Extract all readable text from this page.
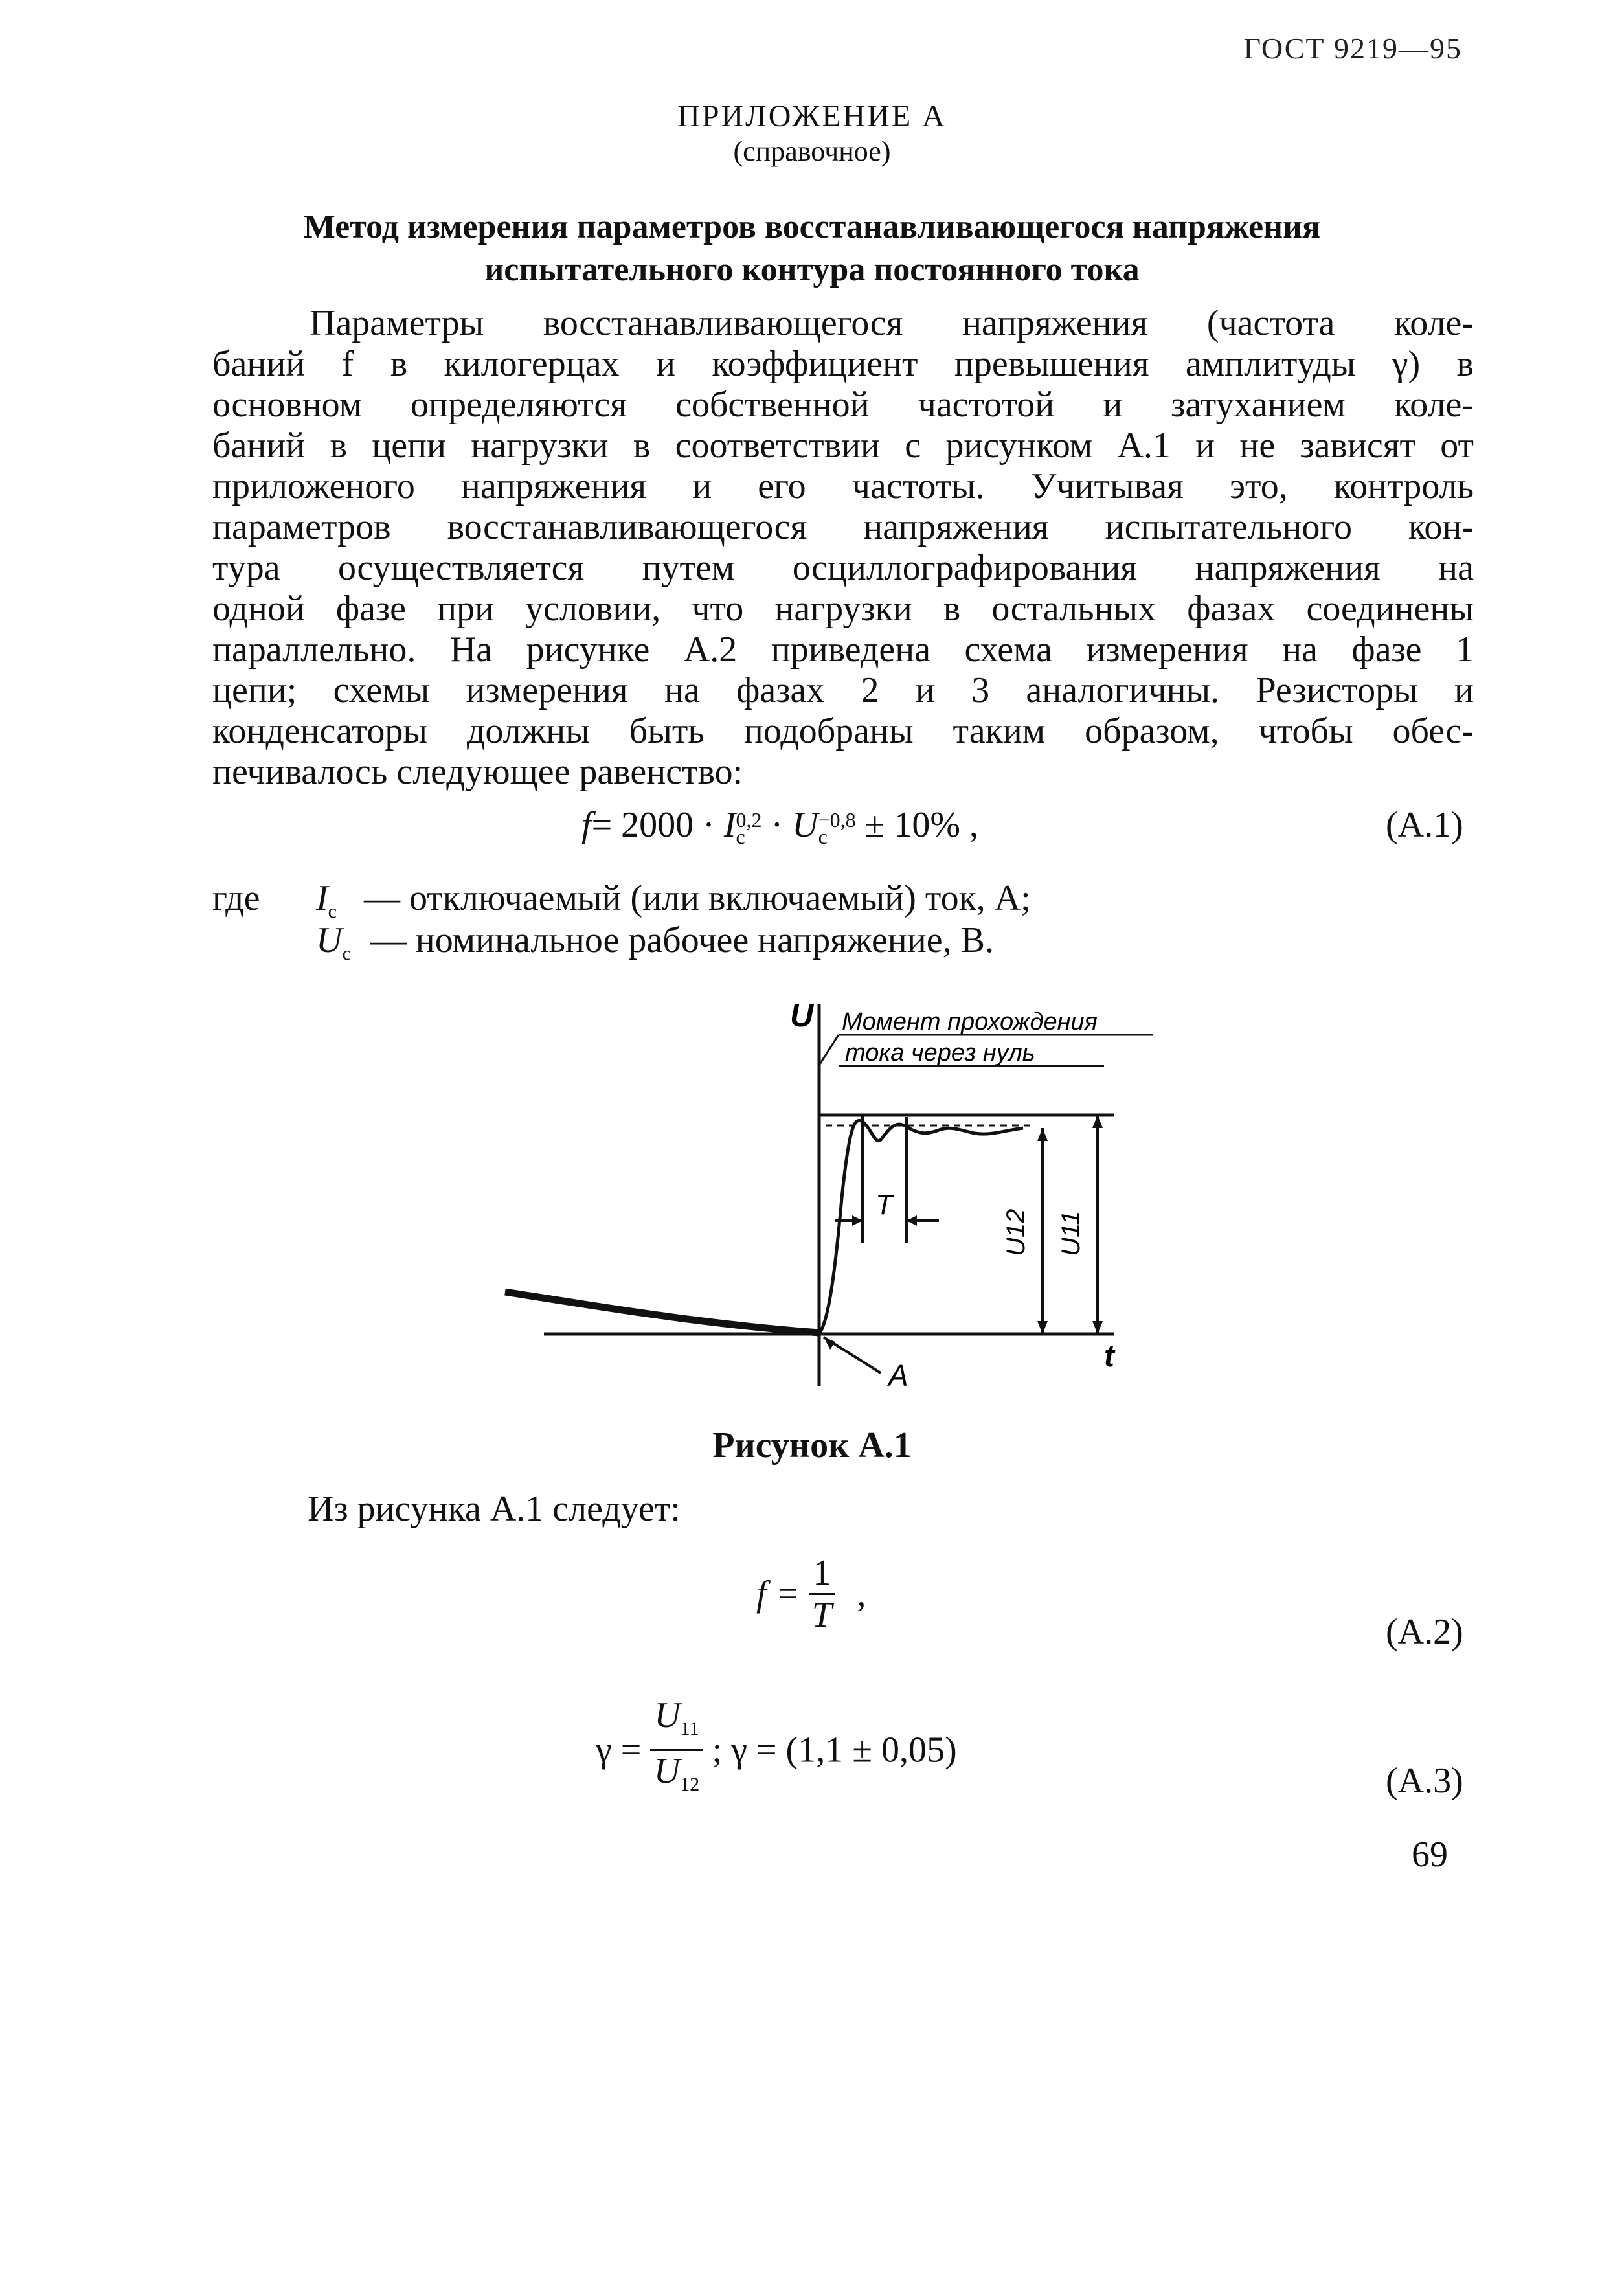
ГОСТ 9219—95
ПРИЛОЖЕНИЕ А
(справочное)
Метод измерения параметров восстанавливающегося напряжения
испытательного контура постоянного тока
Параметры восстанавливающегося напряжения (частота коле-
баний f в килогерцах и коэффициент превышения амплитуды γ) в
основном определяются собственной частотой и затуханием коле-
баний в цепи нагрузки в соответствии с рисунком А.1 и не зависят от
приложеного напряжения и его частоты. Учитывая это, контроль
параметров восстанавливающегося напряжения испытательного кон-
тура осуществляется путем осциллографирования напряжения на
одной фазе при условии, что нагрузки в остальных фазах соединены
параллельно. На рисунке А.2 приведена схема измерения на фазе 1
цепи; схемы измерения на фазах 2 и 3 аналогичны. Резисторы и
конденсаторы должны быть подобраны таким образом, чтобы обес-
печивалось следующее равенство:
f= 2000 · I 0,2
c · U −0,8
c ± 10% ,	(А.1)
где $I_c$ — отключаемый (или включаемый) ток, А;
$U_c$ — номинальное рабочее напряжение, В.
T
U12 U11
U
t
Момент прохождения
тока через нуль
A
Рисунок А.1
Из рисунка А.1 следует:
$f = \frac{1}{T}$ ,
(А.2)
$\gamma = \frac{U_{11}}{U_{12}}$ ; γ = (1,1 ± 0,05)
(А.3)
69
